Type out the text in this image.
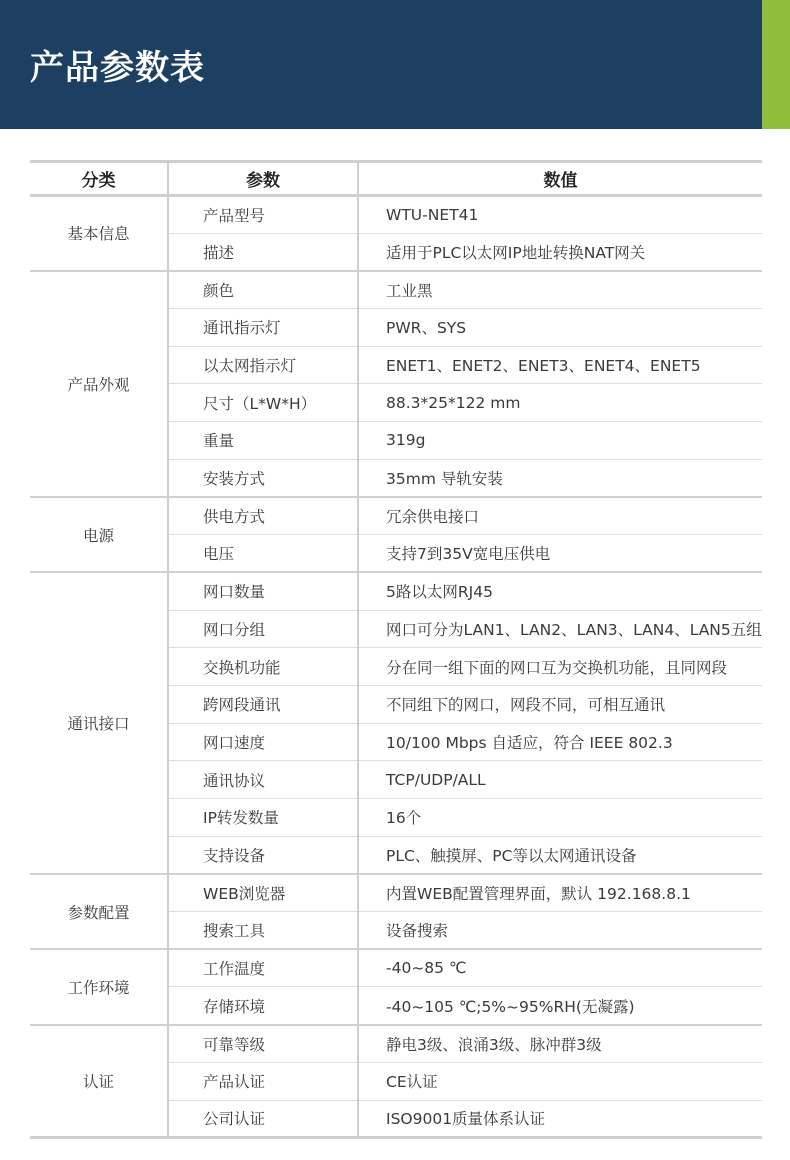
产品参数表
分类	参数	数值
基本信息	产品型号	WTU-NET41
	描述	适用于PLC以太网IP地址转换NAT网关
产品外观	颜色	工业黑
	通讯指示灯	PWR、SYS
	以太网指示灯	ENET1、ENET2、ENET3、ENET4、ENET5
	尺寸（L*W*H）	88.3*25*122 mm
	重量	319g
	安装方式	35mm 导轨安装
电源	供电方式	冗余供电接口
	电压	支持7到35V宽电压供电
通讯接口	网口数量	5路以太网RJ45
	网口分组	网口可分为LAN1、LAN2、LAN3、LAN4、LAN5五组
	交换机功能	分在同一组下面的网口互为交换机功能，且同网段
	跨网段通讯	不同组下的网口，网段不同，可相互通讯
	网口速度	10/100 Mbps 自适应，符合 IEEE 802.3
	通讯协议	TCP/UDP/ALL
	IP转发数量	16个
	支持设备	PLC、触摸屏、PC等以太网通讯设备
参数配置	WEB浏览器	内置WEB配置管理界面，默认 192.168.8.1
	搜索工具	设备搜索
工作环境	工作温度	-40~85 ℃
	存储环境	-40~105 ℃;5%~95%RH(无凝露)
认证	可靠等级	静电3级、浪涌3级、脉冲群3级
	产品认证	CE认证
	公司认证	ISO9001质量体系认证
